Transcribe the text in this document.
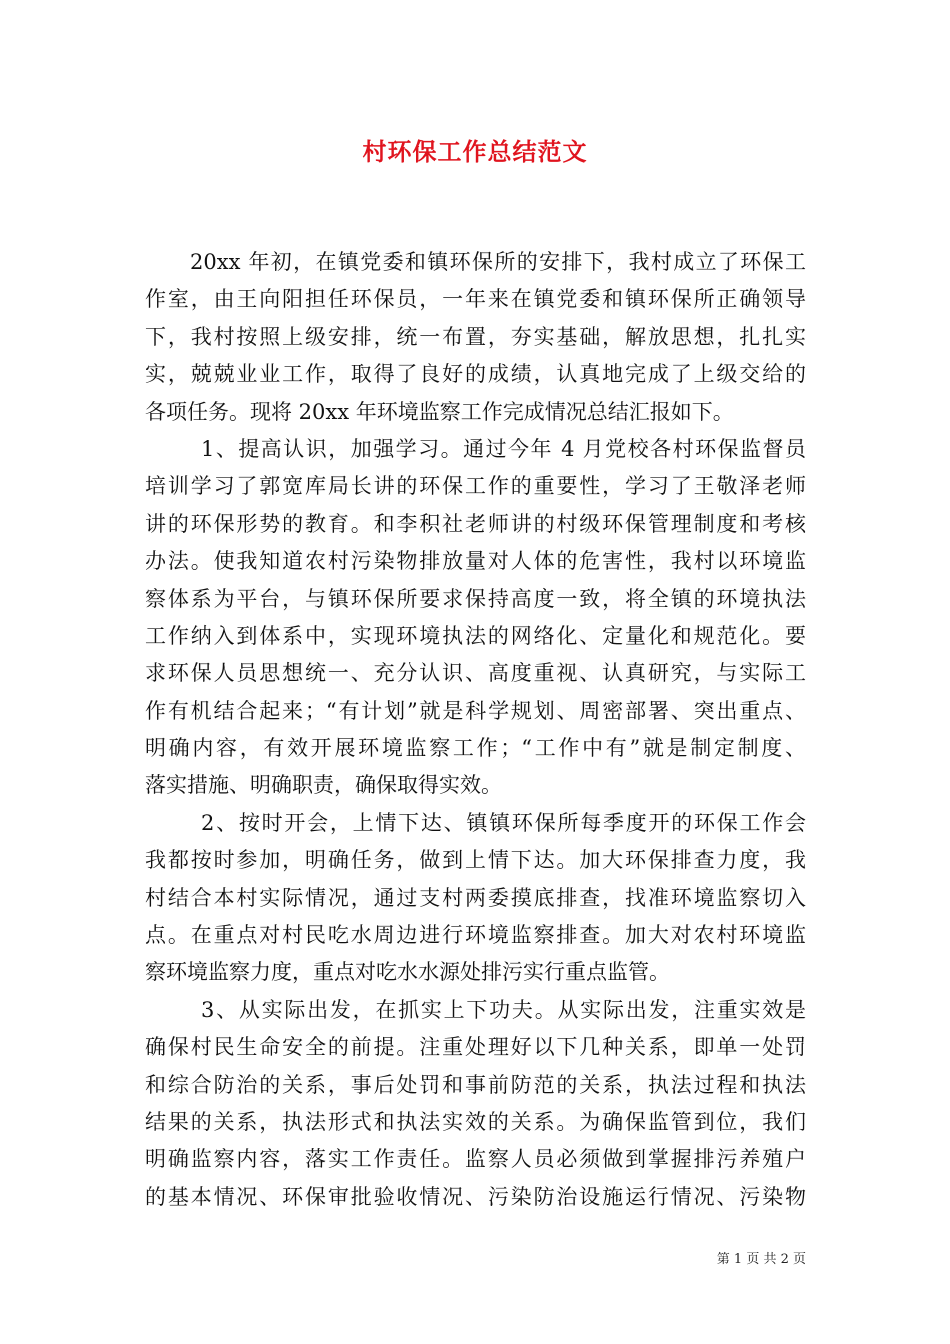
村环保工作总结范文
20xx 年初，在镇党委和镇环保所的安排下，我村成立了环保工
作室，由王向阳担任环保员，一年来在镇党委和镇环保所正确领导
下，我村按照上级安排，统一布置，夯实基础，解放思想，扎扎实
实，兢兢业业工作，取得了良好的成绩，认真地完成了上级交给的
各项任务。现将 20xx 年环境监察工作完成情况总结汇报如下。
1、提高认识，加强学习。通过今年 4 月党校各村环保监督员
培训学习了郭宽库局长讲的环保工作的重要性，学习了王敬泽老师
讲的环保形势的教育。和李积社老师讲的村级环保管理制度和考核
办法。使我知道农村污染物排放量对人体的危害性，我村以环境监
察体系为平台，与镇环保所要求保持高度一致，将全镇的环境执法
工作纳入到体系中，实现环境执法的网络化、定量化和规范化。要
求环保人员思想统一、充分认识、高度重视、认真研究，与实际工
作有机结合起来；“有计划”就是科学规划、周密部署、突出重点、
明确内容，有效开展环境监察工作；“工作中有”就是制定制度、
落实措施、明确职责，确保取得实效。
2、按时开会，上情下达、镇镇环保所每季度开的环保工作会
我都按时参加，明确任务，做到上情下达。加大环保排查力度，我
村结合本村实际情况，通过支村两委摸底排查，找准环境监察切入
点。在重点对村民吃水周边进行环境监察排查。加大对农村环境监
察环境监察力度，重点对吃水水源处排污实行重点监管。
3、从实际出发，在抓实上下功夫。从实际出发，注重实效是
确保村民生命安全的前提。注重处理好以下几种关系，即单一处罚
和综合防治的关系，事后处罚和事前防范的关系，执法过程和执法
结果的关系，执法形式和执法实效的关系。为确保监管到位，我们
明确监察内容，落实工作责任。监察人员必须做到掌握排污养殖户
的基本情况、环保审批验收情况、污染防治设施运行情况、污染物
第 1 页 共 2 页
